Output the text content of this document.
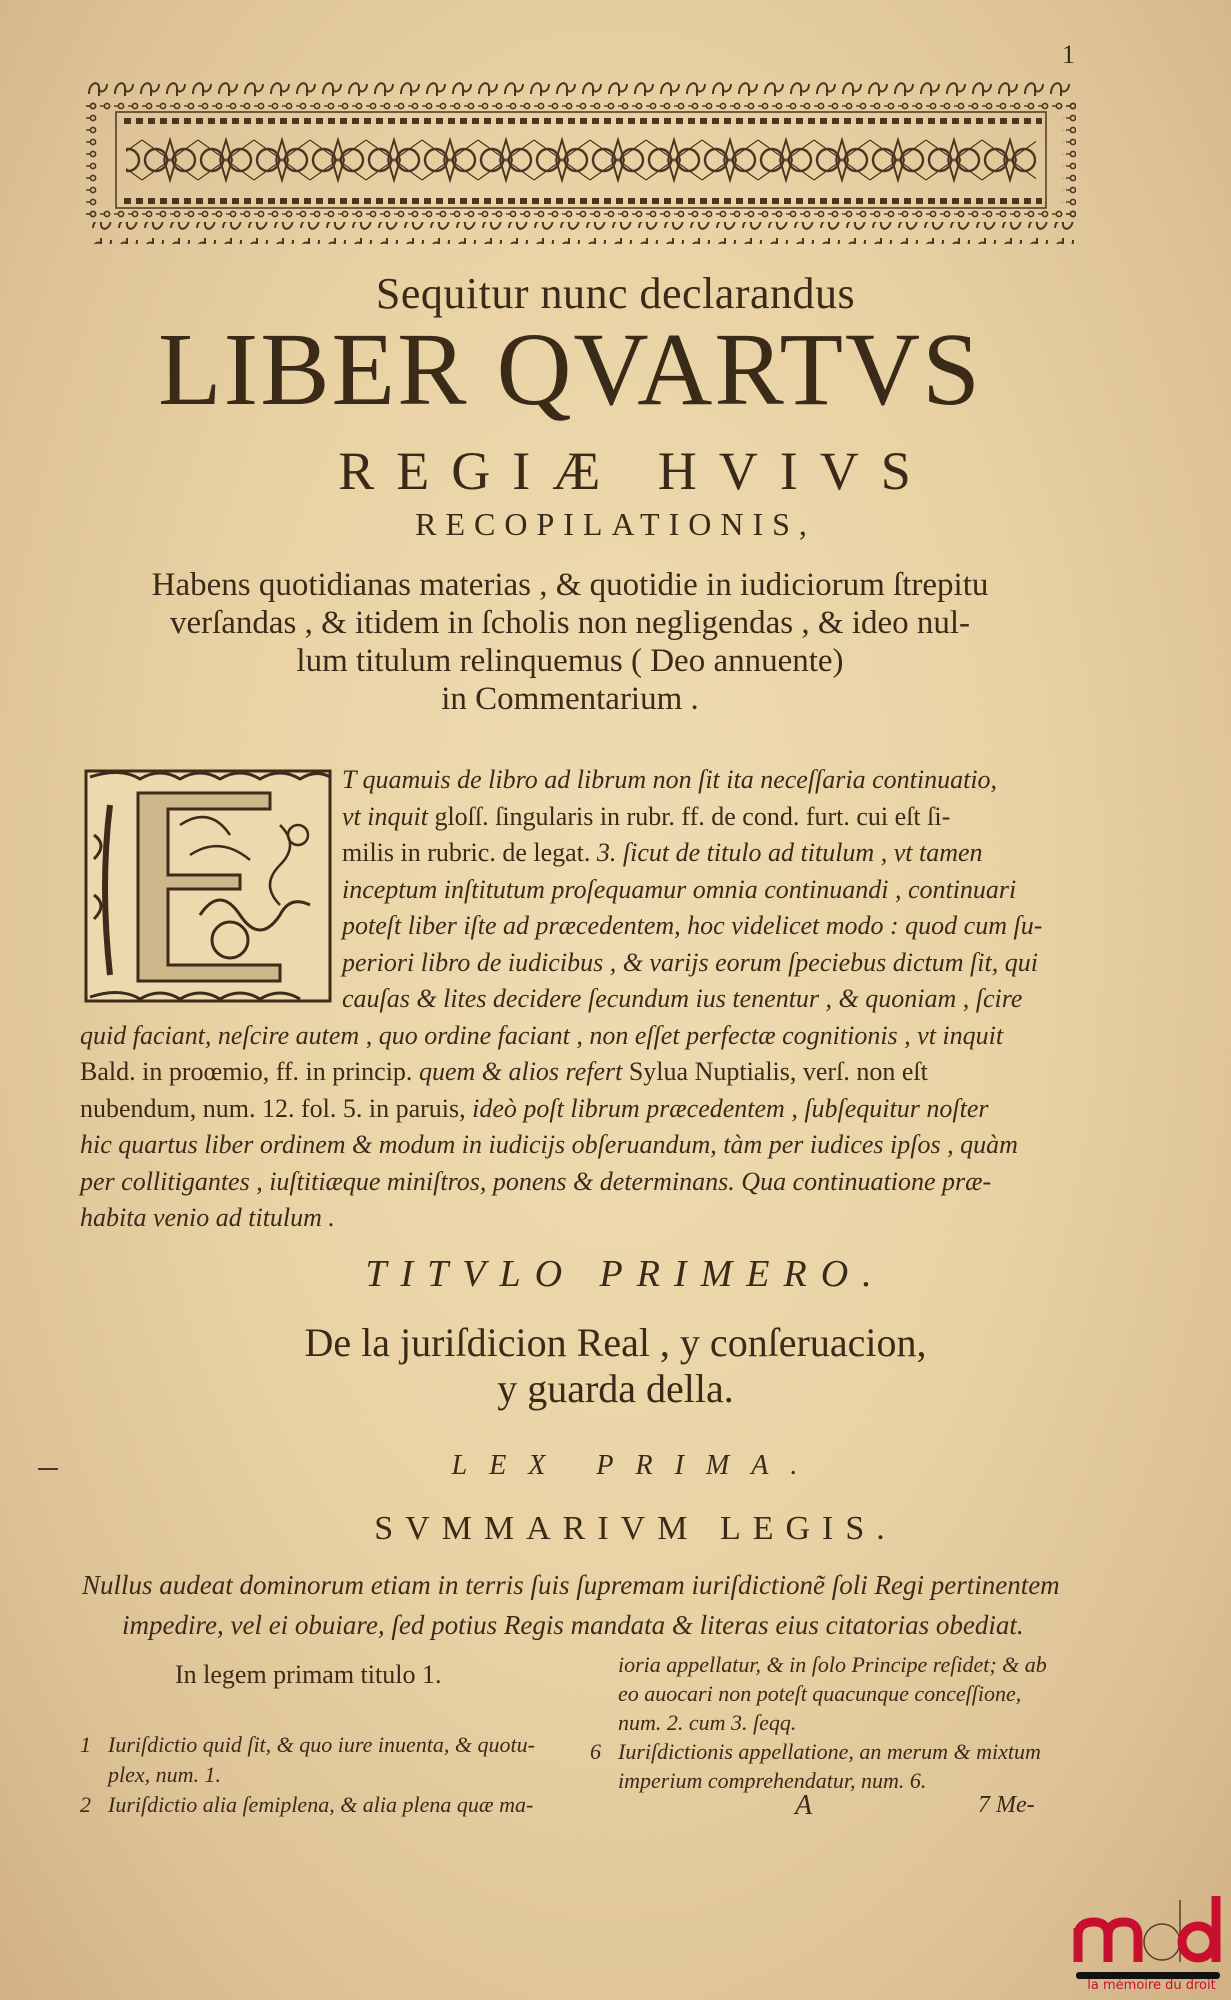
1
Sequitur nunc declarandus
LIBER QVARTVS
REGIÆ HVIVS
RECOPILATIONIS,
Habens quotidianas materias , & quotidie in iudiciorum ſtrepitu
verſandas , & itidem in ſcholis non negligendas , & ideo nul-
lum titulum relinquemus ( Deo annuente)
in Commentarium .
T quamuis de libro ad librum non ſit ita neceſſaria continuatio,
vt inquit gloſſ. ſingularis in rubr. ff. de cond. furt. cui eſt ſi-
milis in rubric. de legat. 3. ſicut de titulo ad titulum , vt tamen
inceptum inſtitutum proſequamur omnia continuandi , continuari
poteſt liber iſte ad præcedentem, hoc videlicet modo : quod cum ſu-
periori libro de iudicibus , & varijs eorum ſpeciebus dictum ſit, qui
cauſas & lites decidere ſecundum ius tenentur , & quoniam , ſcire
quid faciant, neſcire autem , quo ordine faciant , non eſſet perfectæ cognitionis , vt inquit
Bald. in proœmio, ff. in princip. quem & alios refert Sylua Nuptialis, verſ. non eſt
nubendum, num. 12. fol. 5. in paruis, ideò poſt librum præcedentem , ſubſequitur noſter
hic quartus liber ordinem & modum in iudicijs obſeruandum, tàm per iudices ipſos , quàm
per collitigantes , iuſtitiæque miniſtros, ponens & determinans. Qua continuatione præ-
habita venio ad titulum .
TITVLO PRIMERO.
De la juriſdicion Real , y conſeruacion,
y guarda della.
LEX PRIMA.
SVMMARIVM LEGIS.
Nullus audeat dominorum etiam in terris ſuis ſupremam iuriſdictionẽ ſoli Regi pertinentem
impedire, vel ei obuiare, ſed potius Regis mandata & literas eius citatorias obediat.
In legem primam titulo 1.
1 Iuriſdictio quid ſit, & quo iure inuenta, & quotu-
plex, num. 1.
2 Iuriſdictio alia ſemiplena, & alia plena quæ ma-
ioria appellatur, & in ſolo Principe reſidet; & ab
eo auocari non poteſt quacunque conceſſione,
num. 2. cum 3. ſeqq.
6 Iuriſdictionis appellatione, an merum & mixtum
imperium comprehendatur, num. 6.
A	7 Me-
la mémoire du droit
